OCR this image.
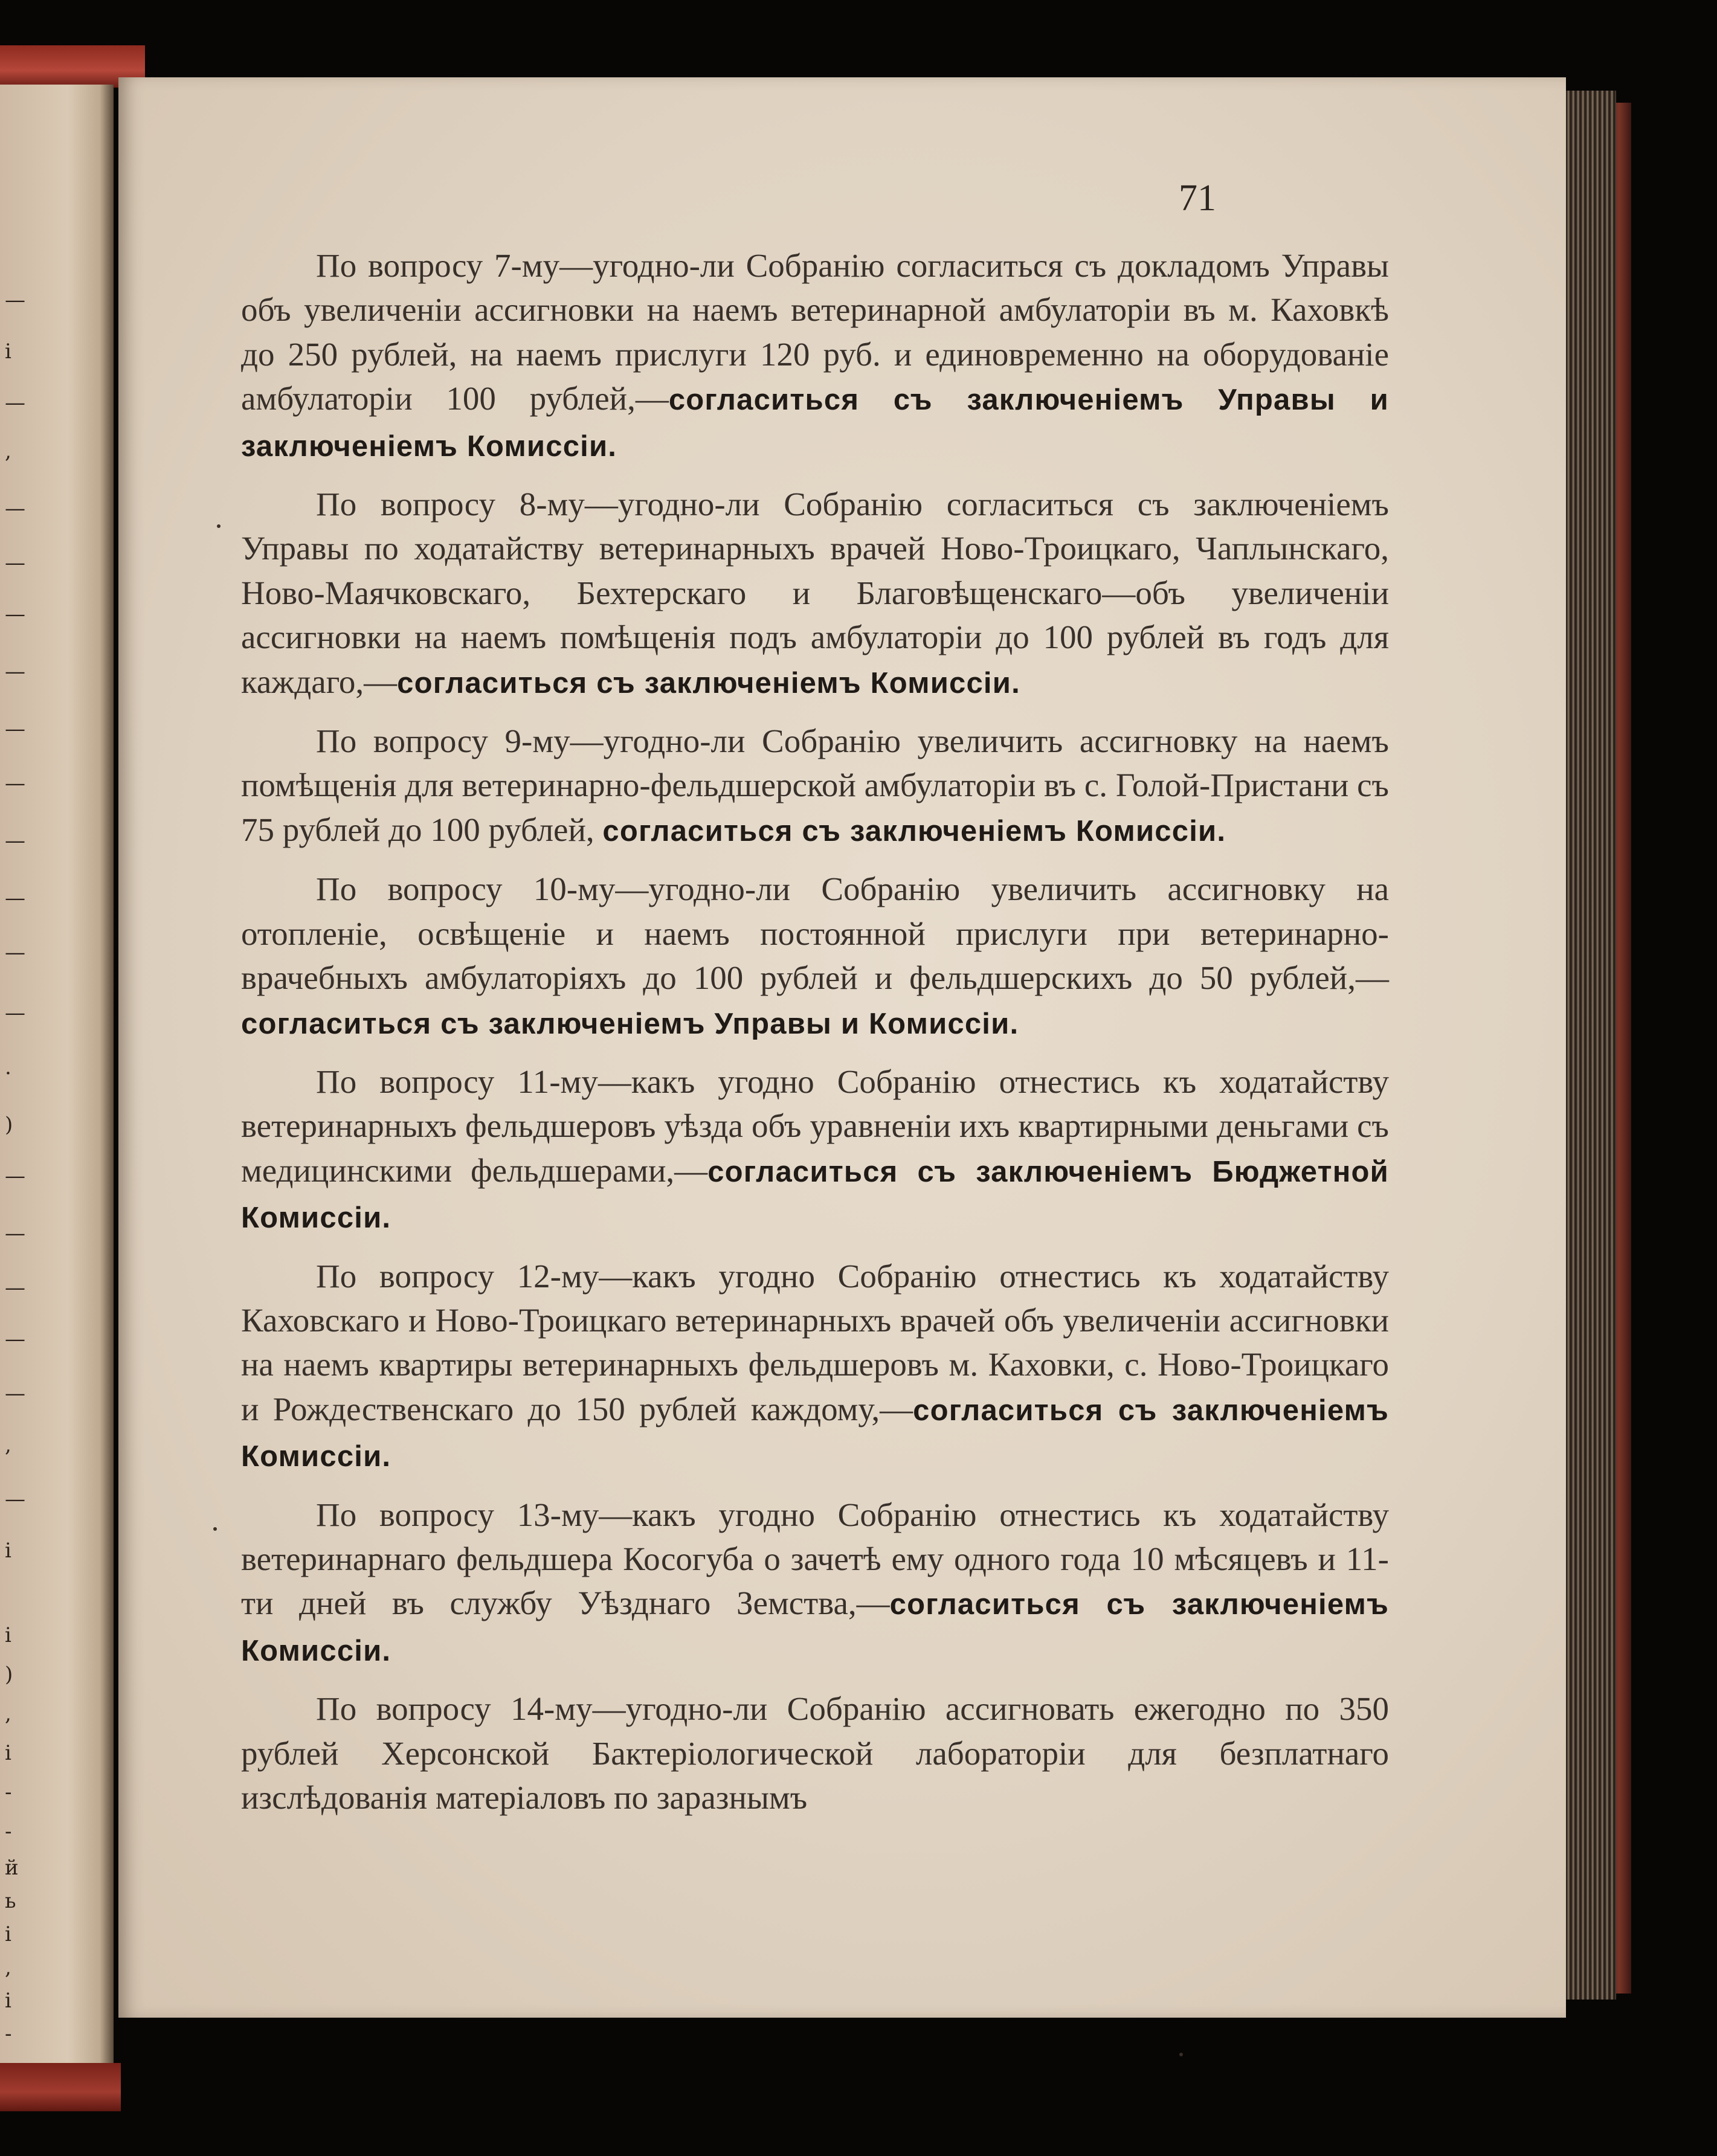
—
і
—
,
—
—
—
—
—
—
—
—
—
—
.
)
—
—
—
—
—
,
—
і
і
)
,
і
-
-
й
ь
і
,
і
-

71

По вопросу 7-му—угодно-ли Собранію согласиться съ докладомъ Управы объ увеличеніи ассигновки на наемъ ветеринарной амбулаторіи въ м. Каховкѣ до 250 рублей, на наемъ прислуги 120 руб. и единовременно на оборудованіе амбулаторіи 100 рублей,—согласиться съ заключеніемъ Управы и заключеніемъ Комиссіи.

По вопросу 8-му—угодно-ли Собранію согласиться съ заключеніемъ Управы по ходатайству ветеринарныхъ врачей Ново-Троицкаго, Чаплынскаго, Ново-Маячковскаго, Бехтерскаго и Благовѣщенскаго—объ увеличеніи ассигновки на наемъ помѣщенія подъ амбулаторіи до 100 рублей въ годъ для каждаго,—согласиться съ заключеніемъ Комиссіи.

По вопросу 9-му—угодно-ли Собранію увеличить ассигновку на наемъ помѣщенія для ветеринарно-фельдшерской амбулаторіи въ с. Голой-Пристани съ 75 рублей до 100 рублей, согласиться съ заключеніемъ Комиссіи.

По вопросу 10-му—угодно-ли Собранію увеличить ассигновку на отопленіе, освѣщеніе и наемъ постоянной прислуги при ветеринарно-врачебныхъ амбулаторіяхъ до 100 рублей и фельдшерскихъ до 50 рублей,—согласиться съ заключеніемъ Управы и Комиссіи.

По вопросу 11-му—какъ угодно Собранію отнестись къ ходатайству ветеринарныхъ фельдшеровъ уѣзда объ уравненіи ихъ квартирными деньгами съ медицинскими фельдшерами,—согласиться съ заключеніемъ Бюджетной Комиссіи.

По вопросу 12-му—какъ угодно Собранію отнестись къ ходатайству Каховскаго и Ново-Троицкаго ветеринарныхъ врачей объ увеличеніи ассигновки на наемъ квартиры ветеринарныхъ фельдшеровъ м. Каховки, с. Ново-Троицкаго и Рождественскаго до 150 рублей каждому,—согласиться съ заключеніемъ Комиссіи.

По вопросу 13-му—какъ угодно Собранію отнестись къ ходатайству ветеринарнаго фельдшера Косогуба о зачетѣ ему одного года 10 мѣсяцевъ и 11-ти дней въ службу Уѣзднаго Земства,—согласиться съ заключеніемъ Комиссіи.

По вопросу 14-му—угодно-ли Собранію ассигновать ежегодно по 350 рублей Херсонской Бактеріологической лабораторіи для безплатнаго изслѣдованія матеріаловъ по заразнымъ
